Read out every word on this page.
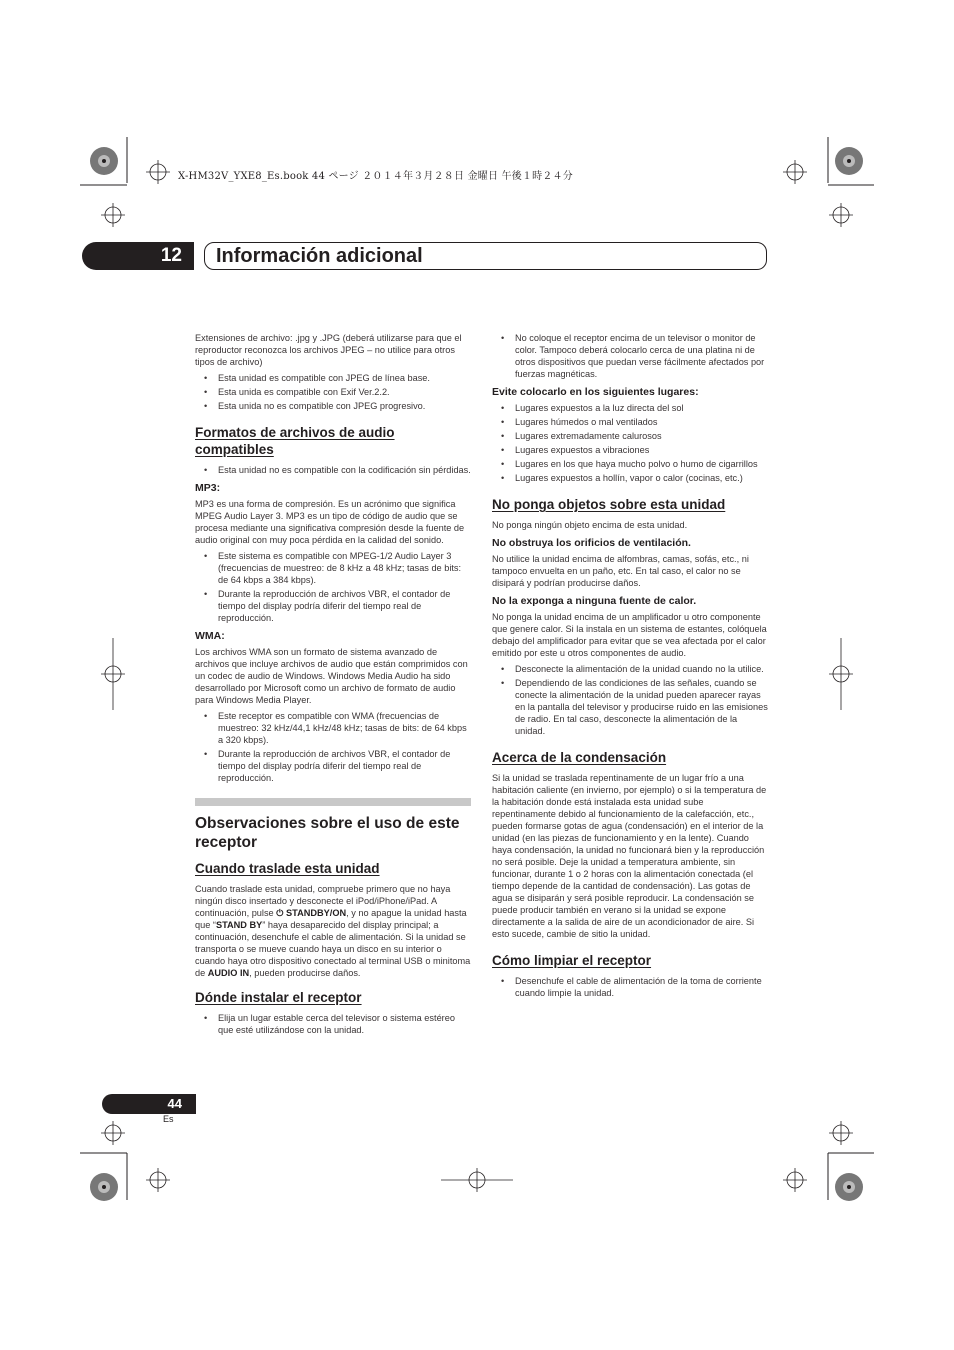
X-HM32V_YXE8_Es.book 44 ページ ２０１４年３月２８日 金曜日 午後１時２４分
12	Información adicional

Extensiones de archivo: .jpg y .JPG (deberá utilizarse para que el reproductor reconozca los archivos JPEG – no utilice para otros tipos de archivo)

• Esta unidad es compatible con JPEG de línea base.
• Esta unida es compatible con Exif Ver.2.2.
• Esta unida no es compatible con JPEG progresivo.
Formatos de archivos de audio compatibles
• Esta unidad no es compatible con la codificación sin pérdidas.
MP3:

MP3 es una forma de compresión. Es un acrónimo que significa MPEG Audio Layer 3. MP3 es un tipo de código de audio que se procesa mediante una significativa compresión desde la fuente de audio original con muy poca pérdida en la calidad del sonido.

• Este sistema es compatible con MPEG-1/2 Audio Layer 3 (frecuencias de muestreo: de 8 kHz a 48 kHz; tasas de bits: de 64 kbps a 384 kbps).
• Durante la reproducción de archivos VBR, el contador de tiempo del display podría diferir del tiempo real de reproducción.
WMA:

Los archivos WMA son un formato de sistema avanzado de archivos que incluye archivos de audio que están comprimidos con un codec de audio de Windows. Windows Media Audio ha sido desarrollado por Microsoft como un archivo de formato de audio para Windows Media Player.

• Este receptor es compatible con WMA (frecuencias de muestreo: 32 kHz/44,1 kHz/48 kHz; tasas de bits: de 64 kbps a 320 kbps).
• Durante la reproducción de archivos VBR, el contador de tiempo del display podría diferir del tiempo real de reproducción.
Observaciones sobre el uso de este receptor
Cuando traslade esta unidad

Cuando traslade esta unidad, compruebe primero que no haya ningún disco insertado y desconecte el iPod/iPhone/iPad. A continuación, pulse ⏻ STANDBY/ON, y no apague la unidad hasta que “STAND BY” haya desaparecido del display principal; a continuación, desenchufe el cable de alimentación. Si la unidad se transporta o se mueve cuando haya un disco en su interior o cuando haya otro dispositivo conectado al terminal USB o minitoma de AUDIO IN, pueden producirse daños.

Dónde instalar el receptor
• Elija un lugar estable cerca del televisor o sistema estéreo que esté utilizándose con la unidad.
• No coloque el receptor encima de un televisor o monitor de color. Tampoco deberá colocarlo cerca de una platina ni de otros dispositivos que puedan verse fácilmente afectados por fuerzas magnéticas.
Evite colocarlo en los siguientes lugares:
• Lugares expuestos a la luz directa del sol
• Lugares húmedos o mal ventilados
• Lugares extremadamente calurosos
• Lugares expuestos a vibraciones
• Lugares en los que haya mucho polvo o humo de cigarrillos
• Lugares expuestos a hollín, vapor o calor (cocinas, etc.)
No ponga objetos sobre esta unidad

No ponga ningún objeto encima de esta unidad.

No obstruya los orificios de ventilación.

No utilice la unidad encima de alfombras, camas, sofás, etc., ni tampoco envuelta en un paño, etc. En tal caso, el calor no se disipará y podrían producirse daños.

No la exponga a ninguna fuente de calor.

No ponga la unidad encima de un amplificador u otro componente que genere calor. Si la instala en un sistema de estantes, colóquela debajo del amplificador para evitar que se vea afectada por el calor emitido por este u otros componentes de audio.

• Desconecte la alimentación de la unidad cuando no la utilice.
• Dependiendo de las condiciones de las señales, cuando se conecte la alimentación de la unidad pueden aparecer rayas en la pantalla del televisor y producirse ruido en las emisiones de radio. En tal caso, desconecte la alimentación de la unidad.
Acerca de la condensación

Si la unidad se traslada repentinamente de un lugar frío a una habitación caliente (en invierno, por ejemplo) o si la temperatura de la habitación donde está instalada esta unidad sube repentinamente debido al funcionamiento de la calefacción, etc., pueden formarse gotas de agua (condensación) en el interior de la unidad (en las piezas de funcionamiento y en la lente). Cuando haya condensación, la unidad no funcionará bien y la reproducción no será posible. Deje la unidad a temperatura ambiente, sin funcionar, durante 1 o 2 horas con la alimentación conectada (el tiempo depende de la cantidad de condensación). Las gotas de agua se disiparán y será posible reproducir. La condensación se puede producir también en verano si la unidad se expone directamente a la salida de aire de un acondicionador de aire. Si esto sucede, cambie de sitio la unidad.

Cómo limpiar el receptor
• Desenchufe el cable de alimentación de la toma de corriente cuando limpie la unidad.
44
Es
